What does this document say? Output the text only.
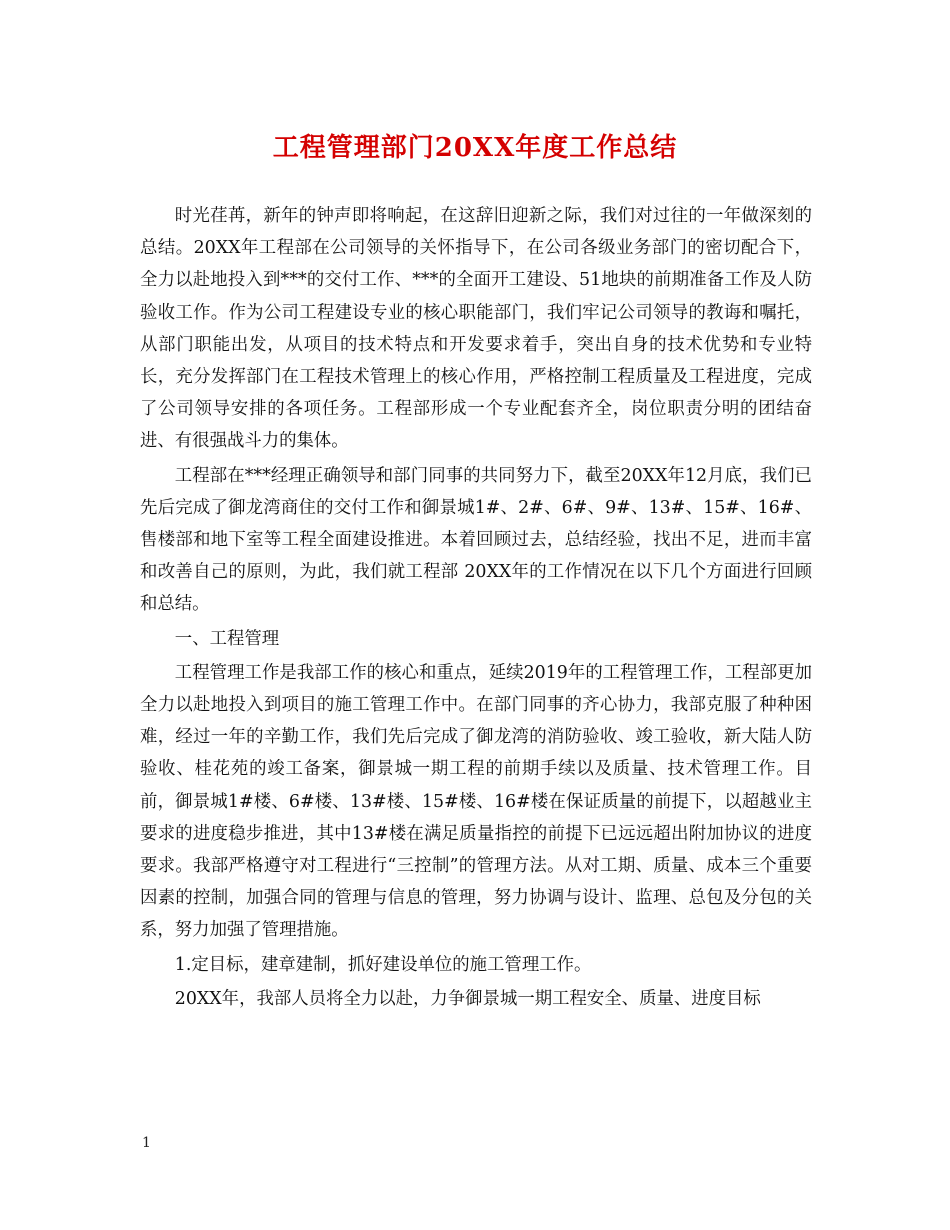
工程管理部门20XX年度工作总结

时光荏苒，新年的钟声即将响起，在这辞旧迎新之际，我们对过往的一年做深刻的总结。20XX年工程部在公司领导的关怀指导下，在公司各级业务部门的密切配合下，全力以赴地投入到***的交付工作、***的全面开工建设、51地块的前期准备工作及人防验收工作。作为公司工程建设专业的核心职能部门，我们牢记公司领导的教诲和嘱托，从部门职能出发，从项目的技术特点和开发要求着手，突出自身的技术优势和专业特长，充分发挥部门在工程技术管理上的核心作用，严格控制工程质量及工程进度，完成了公司领导安排的各项任务。工程部形成一个专业配套齐全，岗位职责分明的团结奋进、有很强战斗力的集体。

工程部在***经理正确领导和部门同事的共同努力下，截至20XX年12月底，我们已先后完成了御龙湾商住的交付工作和御景城1#、2#、6#、9#、13#、15#、16#、售楼部和地下室等工程全面建设推进。本着回顾过去，总结经验，找出不足，进而丰富和改善自己的原则，为此，我们就工程部 20XX年的工作情况在以下几个方面进行回顾和总结。

一、工程管理

工程管理工作是我部工作的核心和重点，延续2019年的工程管理工作，工程部更加全力以赴地投入到项目的施工管理工作中。在部门同事的齐心协力，我部克服了种种困难，经过一年的辛勤工作，我们先后完成了御龙湾的消防验收、竣工验收，新大陆人防验收、桂花苑的竣工备案，御景城一期工程的前期手续以及质量、技术管理工作。目前，御景城1#楼、6#楼、13#楼、15#楼、16#楼在保证质量的前提下，以超越业主要求的进度稳步推进，其中13#楼在满足质量指控的前提下已远远超出附加协议的进度要求。我部严格遵守对工程进行“三控制”的管理方法。从对工期、质量、成本三个重要因素的控制，加强合同的管理与信息的管理，努力协调与设计、监理、总包及分包的关系，努力加强了管理措施。

1.定目标，建章建制，抓好建设单位的施工管理工作。

20XX年，我部人员将全力以赴，力争御景城一期工程安全、质量、进度目标

1
